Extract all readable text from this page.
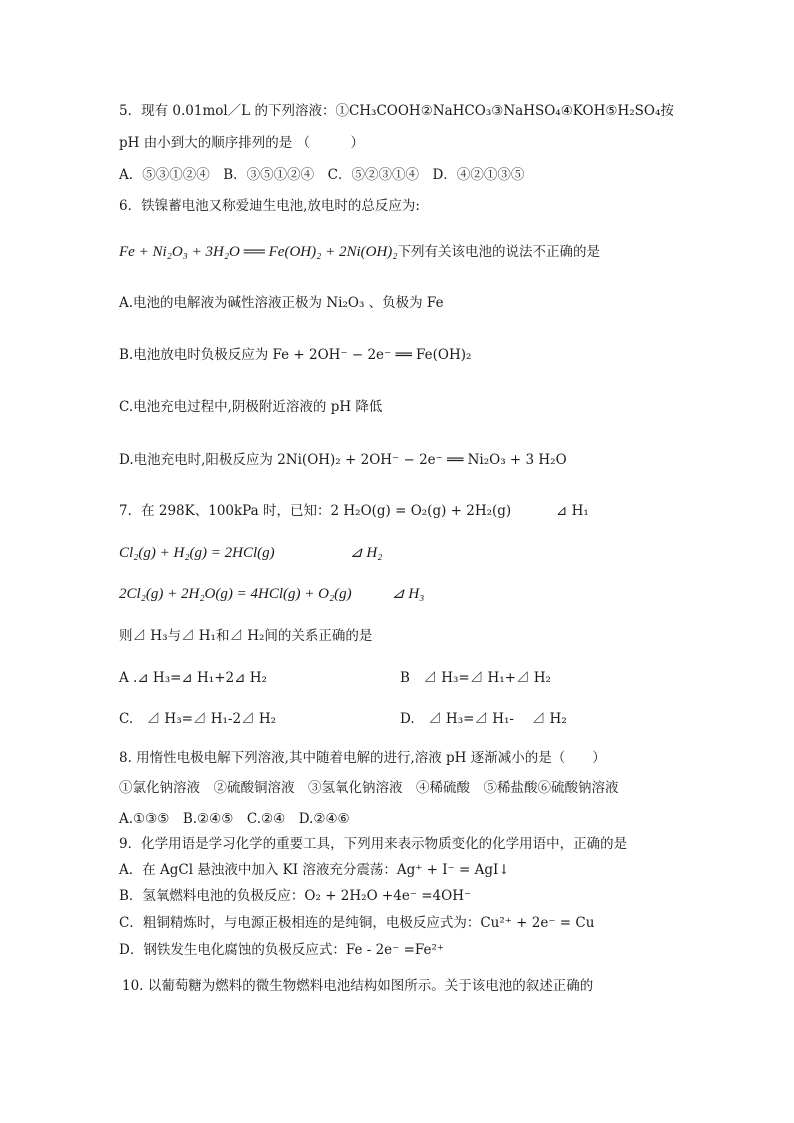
5．现有 0.01mol／L 的下列溶液：①CH₃COOH②NaHCO₃③NaHSO₄④KOH⑤H₂SO₄按
pH 由小到大的顺序排列的是 （　　　）
A．⑤③①②④　B．③⑤①②④　C．⑤②③①④　D．④②①③⑤
6．铁镍蓄电池又称爱迪生电池,放电时的总反应为:
Fe + Ni₂O₃ + 3H₂O ══ Fe(OH)₂ + 2Ni(OH)₂下列有关该电池的说法不正确的是
A.电池的电解液为碱性溶液正极为 Ni₂O₃ 、负极为 Fe
B.电池放电时负极反应为 Fe + 2OH⁻ − 2e⁻ ══ Fe(OH)₂
C.电池充电过程中,阴极附近溶液的 pH 降低
D.电池充电时,阳极反应为 2Ni(OH)₂ + 2OH⁻ − 2e⁻ ══ Ni₂O₃ + 3 H₂O
7．在 298K、100kPa 时，已知：2 H₂O(g) = O₂(g) + 2H₂(g)	⊿ H₁
Cl₂(g) + H₂(g) = 2HCl(g)	⊿ H₂
2Cl₂(g) + 2H₂O(g) = 4HCl(g) + O₂(g)	⊿ H₃
则⊿ H₃与⊿ H₁和⊿ H₂间的关系正确的是
A .⊿ H₃=⊿ H₁+2⊿ H₂	B　⊿ H₃=⊿ H₁+⊿ H₂
C.　⊿ H₃=⊿ H₁-2⊿ H₂	D.　⊿ H₃=⊿ H₁- 　⊿ H₂
8. 用惰性电极电解下列溶液,其中随着电解的进行,溶液 pH 逐渐减小的是（　　）
①氯化钠溶液　②硫酸铜溶液　③氢氧化钠溶液　④稀硫酸　⑤稀盐酸⑥硫酸钠溶液
A.①③⑤　B.②④⑤　C.②④　D.②④⑥
9．化学用语是学习化学的重要工具，下列用来表示物质变化的化学用语中，正确的是
A．在 AgCl 悬浊液中加入 KI 溶液充分震荡：Ag⁺ + I⁻ = AgI↓
B．氢氧燃料电池的负极反应：O₂ + 2H₂O +4e⁻ =4OH⁻
C．粗铜精炼时，与电源正极相连的是纯铜，电极反应式为：Cu²⁺ + 2e⁻ = Cu
D．钢铁发生电化腐蚀的负极反应式：Fe - 2e⁻ =Fe²⁺
10. 以葡萄糖为燃料的微生物燃料电池结构如图所示。关于该电池的叙述正确的
